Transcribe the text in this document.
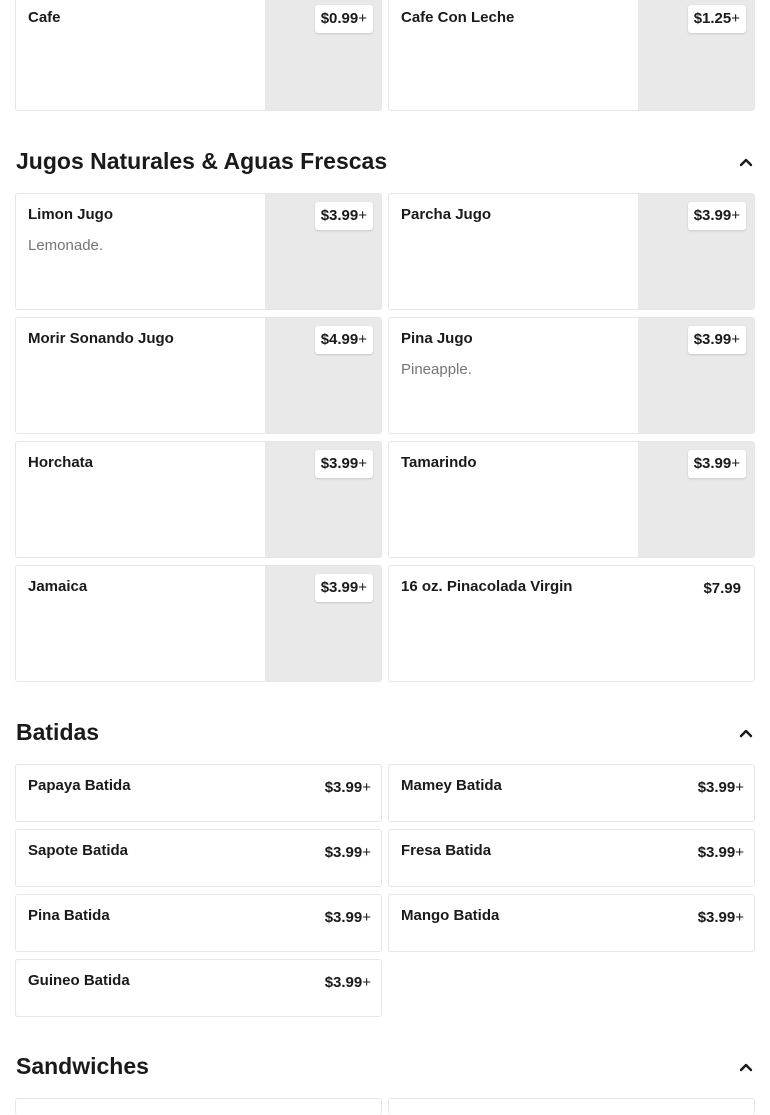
Cafe	$0.99+	Cafe Con Leche	$1.25+
Jugos Naturales & Aguas Frescas
Limon Jugo
Lemonade.
$3.99+	Parcha Jugo	$3.99+
Morir Sonando Jugo	$4.99+	Pina Jugo
Pineapple.
$3.99+
Horchata	$3.99+	Tamarindo	$3.99+
Jamaica	$3.99+	16 oz. Pinacolada Virgin	$7.99
Batidas
Papaya Batida	$3.99+ Mamey Batida	$3.99+
Sapote Batida	$3.99+ Fresa Batida	$3.99+
Pina Batida	$3.99+ Mango Batida	$3.99+
Guineo Batida	$3.99+
Sandwiches
